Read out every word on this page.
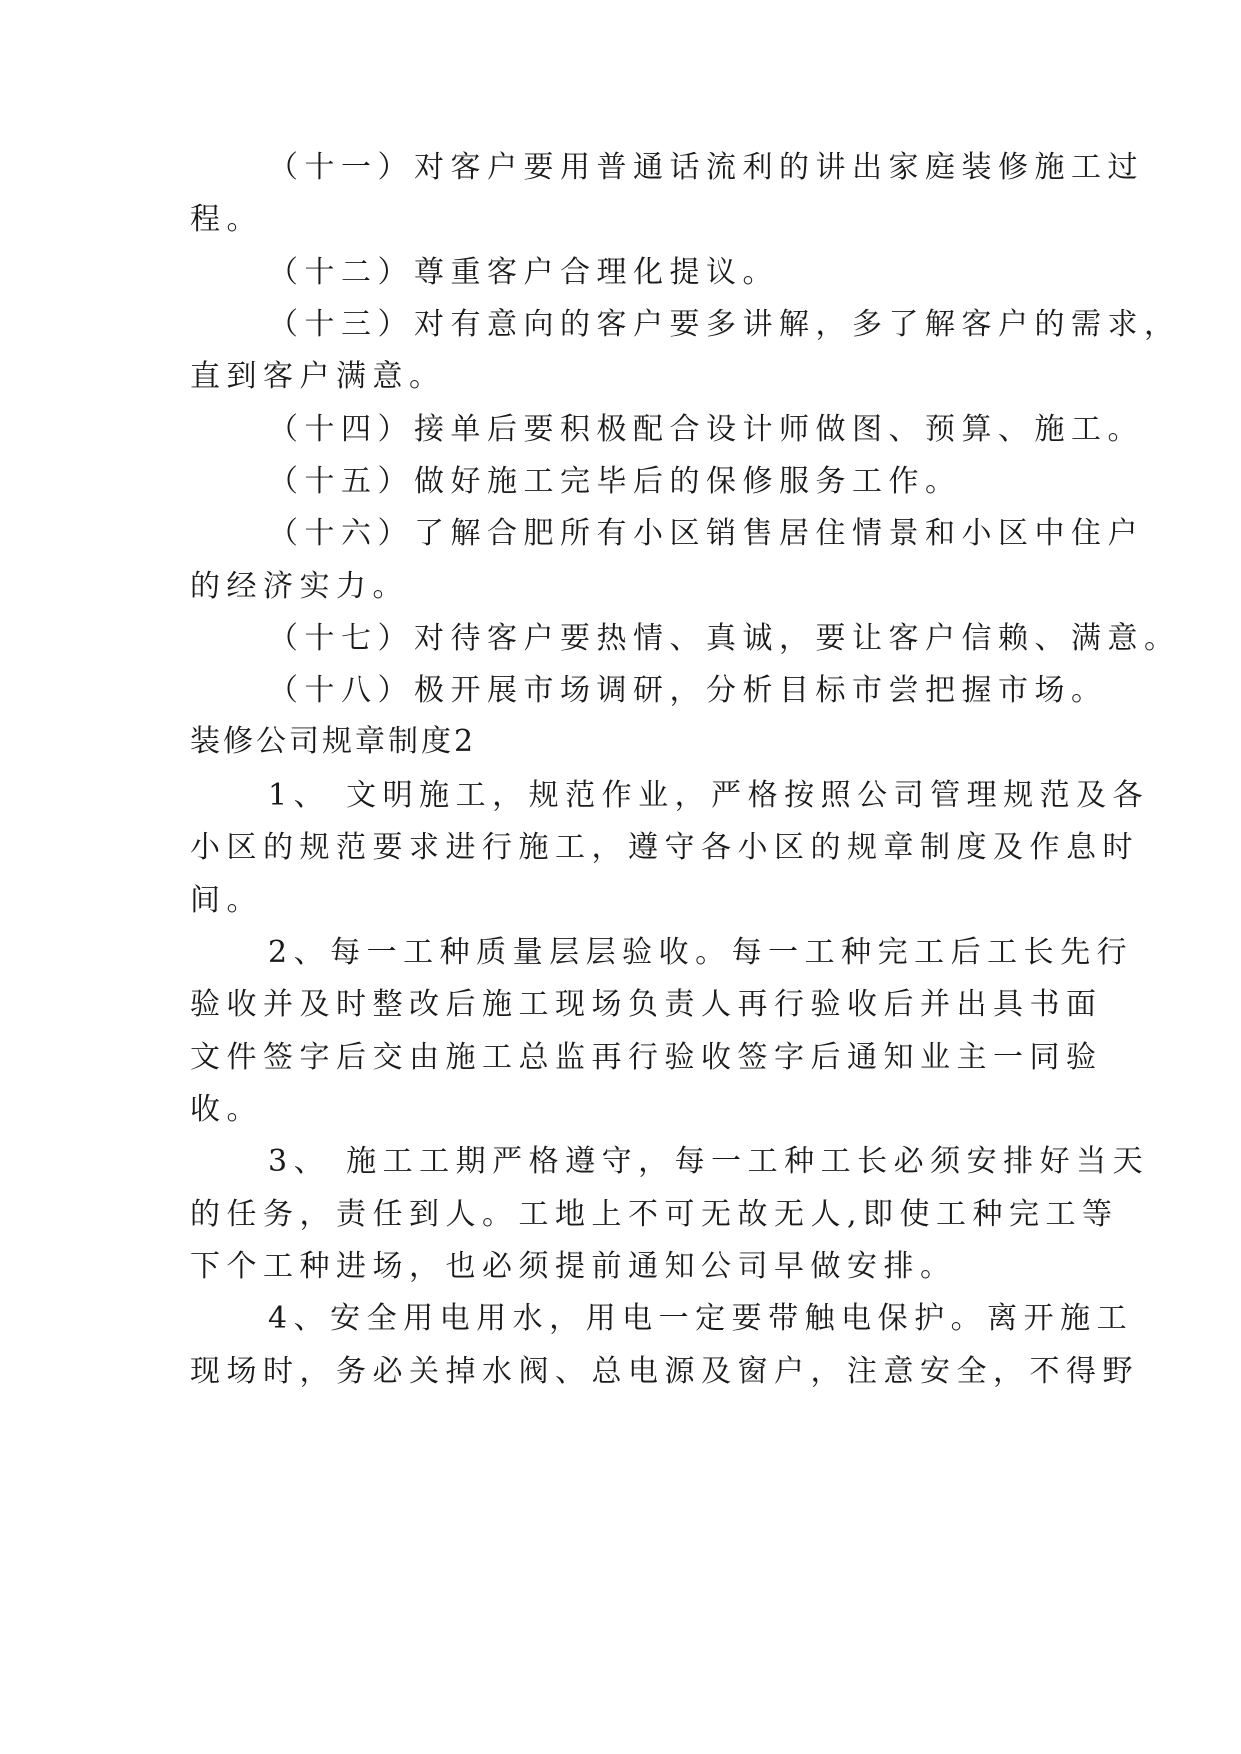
（十一）对客户要用普通话流利的讲出家庭装修施工过
程。
（十二）尊重客户合理化提议。
（十三）对有意向的客户要多讲解，多了解客户的需求，
直到客户满意。
（十四）接单后要积极配合设计师做图、预算、施工。
（十五）做好施工完毕后的保修服务工作。
（十六）了解合肥所有小区销售居住情景和小区中住户
的经济实力。
（十七）对待客户要热情、真诚，要让客户信赖、满意。
（十八）极开展市场调研，分析目标市尝把握市场。
装修公司规章制度2
1、 文明施工，规范作业，严格按照公司管理规范及各
小区的规范要求进行施工，遵守各小区的规章制度及作息时
间。
2、每一工种质量层层验收。每一工种完工后工长先行
验收并及时整改后施工现场负责人再行验收后并出具书面
文件签字后交由施工总监再行验收签字后通知业主一同验
收。
3、 施工工期严格遵守，每一工种工长必须安排好当天
的任务，责任到人。工地上不可无故无人,即使工种完工等
下个工种进场，也必须提前通知公司早做安排。
4、安全用电用水，用电一定要带触电保护。离开施工
现场时，务必关掉水阀、总电源及窗户，注意安全，不得野
